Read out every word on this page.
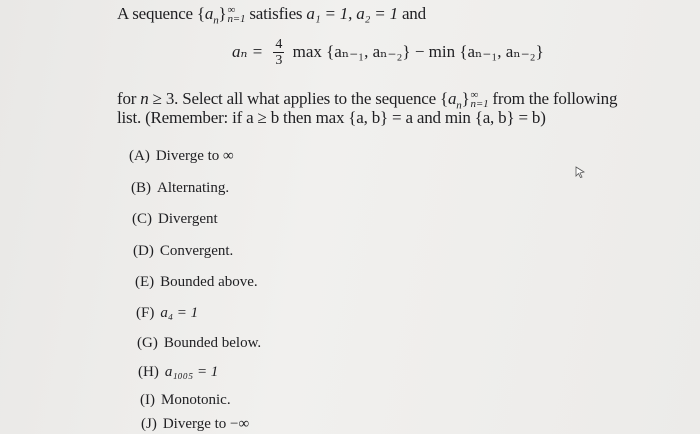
A sequence $\{a_n\}$ ∞
n=1 satisfies a₁ = 1, a₂ = 1 and
$a_n = \frac{4}{3}$ max {aₙ₋₁, aₙ₋₂} − min {aₙ₋₁, aₙ₋₂}
for n ≥ 3. Select all what applies to the sequence $\{a_n\}$ ∞
n=1 from the following
list. (Remember: if a ≥ b then max {a, b} = a and min {a, b} = b)
(A) Diverge to ∞
(B) Alternating.
(C) Divergent
(D) Convergent.
(E) Bounded above.
(F) a₄ = 1
(G) Bounded below.
(H) a₁₀₀₅ = 1
(I) Monotonic.
(J) Diverge to −∞
